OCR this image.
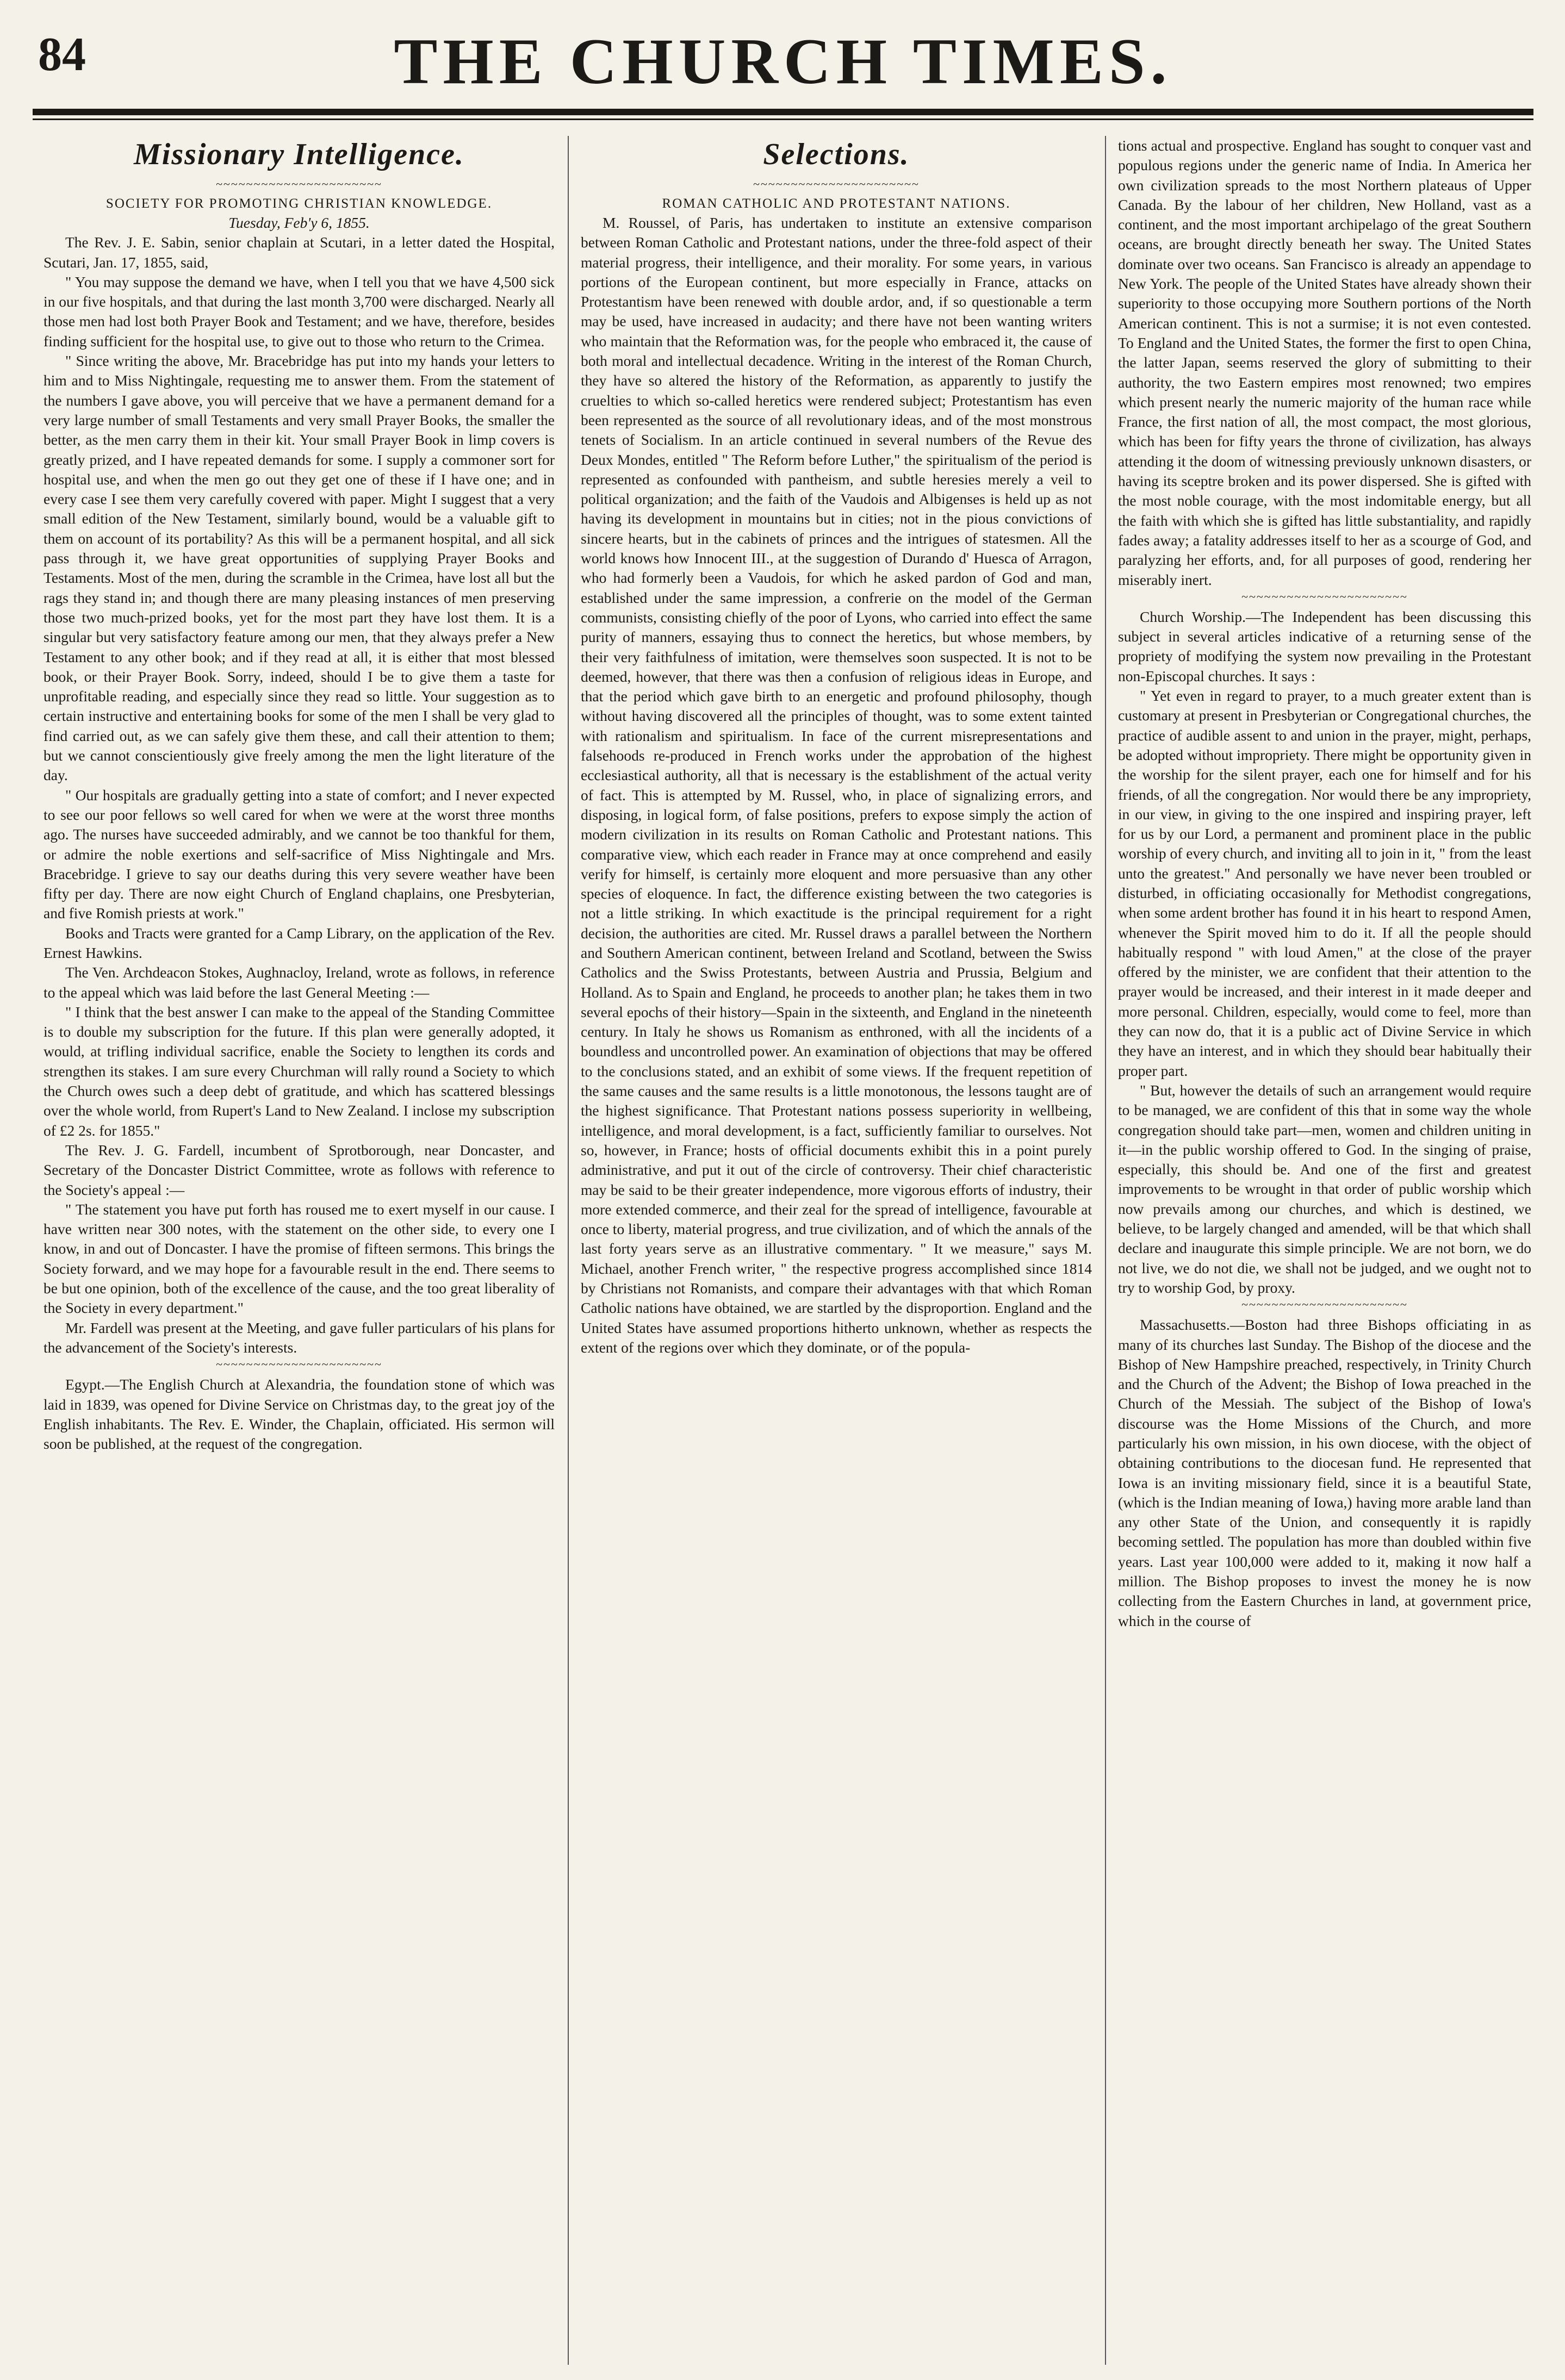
84	THE CHURCH TIMES.
Missionary Intelligence.
~~~~~~~~~~~~~~~~~~~~~~
SOCIETY FOR PROMOTING CHRISTIAN KNOWLEDGE.
Tuesday, Feb'y 6, 1855.

The Rev. J. E. Sabin, senior chaplain at Scutari, in a letter dated the Hospital, Scutari, Jan. 17, 1855, said,

" You may suppose the demand we have, when I tell you that we have 4,500 sick in our five hospitals, and that during the last month 3,700 were discharged. Nearly all those men had lost both Prayer Book and Testament; and we have, therefore, besides finding sufficient for the hospital use, to give out to those who return to the Crimea.

" Since writing the above, Mr. Bracebridge has put into my hands your letters to him and to Miss Nightingale, requesting me to answer them. From the statement of the numbers I gave above, you will perceive that we have a permanent demand for a very large number of small Testaments and very small Prayer Books, the smaller the better, as the men carry them in their kit. Your small Prayer Book in limp covers is greatly prized, and I have repeated demands for some. I supply a commoner sort for hospital use, and when the men go out they get one of these if I have one; and in every case I see them very carefully covered with paper. Might I suggest that a very small edition of the New Testament, similarly bound, would be a valuable gift to them on account of its portability? As this will be a permanent hospital, and all sick pass through it, we have great opportunities of supplying Prayer Books and Testaments. Most of the men, during the scramble in the Crimea, have lost all but the rags they stand in; and though there are many pleasing instances of men preserving those two much-prized books, yet for the most part they have lost them. It is a singular but very satisfactory feature among our men, that they always prefer a New Testament to any other book; and if they read at all, it is either that most blessed book, or their Prayer Book. Sorry, indeed, should I be to give them a taste for unprofitable reading, and especially since they read so little. Your suggestion as to certain instructive and entertaining books for some of the men I shall be very glad to find carried out, as we can safely give them these, and call their attention to them; but we cannot conscientiously give freely among the men the light literature of the day.

" Our hospitals are gradually getting into a state of comfort; and I never expected to see our poor fellows so well cared for when we were at the worst three months ago. The nurses have succeeded admirably, and we cannot be too thankful for them, or admire the noble exertions and self-sacrifice of Miss Nightingale and Mrs. Bracebridge. I grieve to say our deaths during this very severe weather have been fifty per day. There are now eight Church of England chaplains, one Presbyterian, and five Romish priests at work."

Books and Tracts were granted for a Camp Library, on the application of the Rev. Ernest Hawkins.

The Ven. Archdeacon Stokes, Aughnacloy, Ireland, wrote as follows, in reference to the appeal which was laid before the last General Meeting :—

" I think that the best answer I can make to the appeal of the Standing Committee is to double my subscription for the future. If this plan were generally adopted, it would, at trifling individual sacrifice, enable the Society to lengthen its cords and strengthen its stakes. I am sure every Churchman will rally round a Society to which the Church owes such a deep debt of gratitude, and which has scattered blessings over the whole world, from Rupert's Land to New Zealand. I inclose my subscription of £2 2s. for 1855."

The Rev. J. G. Fardell, incumbent of Sprotborough, near Doncaster, and Secretary of the Doncaster District Committee, wrote as follows with reference to the Society's appeal :—

" The statement you have put forth has roused me to exert myself in our cause. I have written near 300 notes, with the statement on the other side, to every one I know, in and out of Doncaster. I have the promise of fifteen sermons. This brings the Society forward, and we may hope for a favourable result in the end. There seems to be but one opinion, both of the excellence of the cause, and the too great liberality of the Society in every department."

Mr. Fardell was present at the Meeting, and gave fuller particulars of his plans for the advancement of the Society's interests.

~~~~~~~~~~~~~~~~~~~~~~

Egypt.—The English Church at Alexandria, the foundation stone of which was laid in 1839, was opened for Divine Service on Christmas day, to the great joy of the English inhabitants. The Rev. E. Winder, the Chaplain, officiated. His sermon will soon be published, at the request of the congregation.

Selections.
~~~~~~~~~~~~~~~~~~~~~~
ROMAN CATHOLIC AND PROTESTANT NATIONS.

M. Roussel, of Paris, has undertaken to institute an extensive comparison between Roman Catholic and Protestant nations, under the three-fold aspect of their material progress, their intelligence, and their morality. For some years, in various portions of the European continent, but more especially in France, attacks on Protestantism have been renewed with double ardor, and, if so questionable a term may be used, have increased in audacity; and there have not been wanting writers who maintain that the Reformation was, for the people who embraced it, the cause of both moral and intellectual decadence. Writing in the interest of the Roman Church, they have so altered the history of the Reformation, as apparently to justify the cruelties to which so-called heretics were rendered subject; Protestantism has even been represented as the source of all revolutionary ideas, and of the most monstrous tenets of Socialism. In an article continued in several numbers of the Revue des Deux Mondes, entitled " The Reform before Luther," the spiritualism of the period is represented as confounded with pantheism, and subtle heresies merely a veil to political organization; and the faith of the Vaudois and Albigenses is held up as not having its development in mountains but in cities; not in the pious convictions of sincere hearts, but in the cabinets of princes and the intrigues of statesmen. All the world knows how Innocent III., at the suggestion of Durando d' Huesca of Arragon, who had formerly been a Vaudois, for which he asked pardon of God and man, established under the same impression, a confrerie on the model of the German communists, consisting chiefly of the poor of Lyons, who carried into effect the same purity of manners, essaying thus to connect the heretics, but whose members, by their very faithfulness of imitation, were themselves soon suspected. It is not to be deemed, however, that there was then a confusion of religious ideas in Europe, and that the period which gave birth to an energetic and profound philosophy, though without having discovered all the principles of thought, was to some extent tainted with rationalism and spiritualism. In face of the current misrepresentations and falsehoods re-produced in French works under the approbation of the highest ecclesiastical authority, all that is necessary is the establishment of the actual verity of fact. This is attempted by M. Russel, who, in place of signalizing errors, and disposing, in logical form, of false positions, prefers to expose simply the action of modern civilization in its results on Roman Catholic and Protestant nations. This comparative view, which each reader in France may at once comprehend and easily verify for himself, is certainly more eloquent and more persuasive than any other species of eloquence. In fact, the difference existing between the two categories is not a little striking. In which exactitude is the principal requirement for a right decision, the authorities are cited. Mr. Russel draws a parallel between the Northern and Southern American continent, between Ireland and Scotland, between the Swiss Catholics and the Swiss Protestants, between Austria and Prussia, Belgium and Holland. As to Spain and England, he proceeds to another plan; he takes them in two several epochs of their history—Spain in the sixteenth, and England in the nineteenth century. In Italy he shows us Romanism as enthroned, with all the incidents of a boundless and uncontrolled power. An examination of objections that may be offered to the conclusions stated, and an exhibit of some views. If the frequent repetition of the same causes and the same results is a little monotonous, the lessons taught are of the highest significance. That Protestant nations possess superiority in wellbeing, intelligence, and moral development, is a fact, sufficiently familiar to ourselves. Not so, however, in France; hosts of official documents exhibit this in a point purely administrative, and put it out of the circle of controversy. Their chief characteristic may be said to be their greater independence, more vigorous efforts of industry, their more extended commerce, and their zeal for the spread of intelligence, favourable at once to liberty, material progress, and true civilization, and of which the annals of the last forty years serve as an illustrative commentary. " It we measure," says M. Michael, another French writer, " the respective progress accomplished since 1814 by Christians not Romanists, and compare their advantages with that which Roman Catholic nations have obtained, we are startled by the disproportion. England and the United States have assumed proportions hitherto unknown, whether as respects the extent of the regions over which they dominate, or of the popula-

tions actual and prospective. England has sought to conquer vast and populous regions under the generic name of India. In America her own civilization spreads to the most Northern plateaus of Upper Canada. By the labour of her children, New Holland, vast as a continent, and the most important archipelago of the great Southern oceans, are brought directly beneath her sway. The United States dominate over two oceans. San Francisco is already an appendage to New York. The people of the United States have already shown their superiority to those occupying more Southern portions of the North American continent. This is not a surmise; it is not even contested. To England and the United States, the former the first to open China, the latter Japan, seems reserved the glory of submitting to their authority, the two Eastern empires most renowned; two empires which present nearly the numeric majority of the human race while France, the first nation of all, the most compact, the most glorious, which has been for fifty years the throne of civilization, has always attending it the doom of witnessing previously unknown disasters, or having its sceptre broken and its power dispersed. She is gifted with the most noble courage, with the most indomitable energy, but all the faith with which she is gifted has little substantiality, and rapidly fades away; a fatality addresses itself to her as a scourge of God, and paralyzing her efforts, and, for all purposes of good, rendering her miserably inert.

~~~~~~~~~~~~~~~~~~~~~~

Church Worship.—The Independent has been discussing this subject in several articles indicative of a returning sense of the propriety of modifying the system now prevailing in the Protestant non-Episcopal churches. It says :

" Yet even in regard to prayer, to a much greater extent than is customary at present in Presbyterian or Congregational churches, the practice of audible assent to and union in the prayer, might, perhaps, be adopted without impropriety. There might be opportunity given in the worship for the silent prayer, each one for himself and for his friends, of all the congregation. Nor would there be any impropriety, in our view, in giving to the one inspired and inspiring prayer, left for us by our Lord, a permanent and prominent place in the public worship of every church, and inviting all to join in it, " from the least unto the greatest." And personally we have never been troubled or disturbed, in officiating occasionally for Methodist congregations, when some ardent brother has found it in his heart to respond Amen, whenever the Spirit moved him to do it. If all the people should habitually respond " with loud Amen," at the close of the prayer offered by the minister, we are confident that their attention to the prayer would be increased, and their interest in it made deeper and more personal. Children, especially, would come to feel, more than they can now do, that it is a public act of Divine Service in which they have an interest, and in which they should bear habitually their proper part.

" But, however the details of such an arrangement would require to be managed, we are confident of this that in some way the whole congregation should take part—men, women and children uniting in it—in the public worship offered to God. In the singing of praise, especially, this should be. And one of the first and greatest improvements to be wrought in that order of public worship which now prevails among our churches, and which is destined, we believe, to be largely changed and amended, will be that which shall declare and inaugurate this simple principle. We are not born, we do not live, we do not die, we shall not be judged, and we ought not to try to worship God, by proxy.

~~~~~~~~~~~~~~~~~~~~~~

Massachusetts.—Boston had three Bishops officiating in as many of its churches last Sunday. The Bishop of the diocese and the Bishop of New Hampshire preached, respectively, in Trinity Church and the Church of the Advent; the Bishop of Iowa preached in the Church of the Messiah. The subject of the Bishop of Iowa's discourse was the Home Missions of the Church, and more particularly his own mission, in his own diocese, with the object of obtaining contributions to the diocesan fund. He represented that Iowa is an inviting missionary field, since it is a beautiful State, (which is the Indian meaning of Iowa,) having more arable land than any other State of the Union, and consequently it is rapidly becoming settled. The population has more than doubled within five years. Last year 100,000 were added to it, making it now half a million. The Bishop proposes to invest the money he is now collecting from the Eastern Churches in land, at government price, which in the course of
